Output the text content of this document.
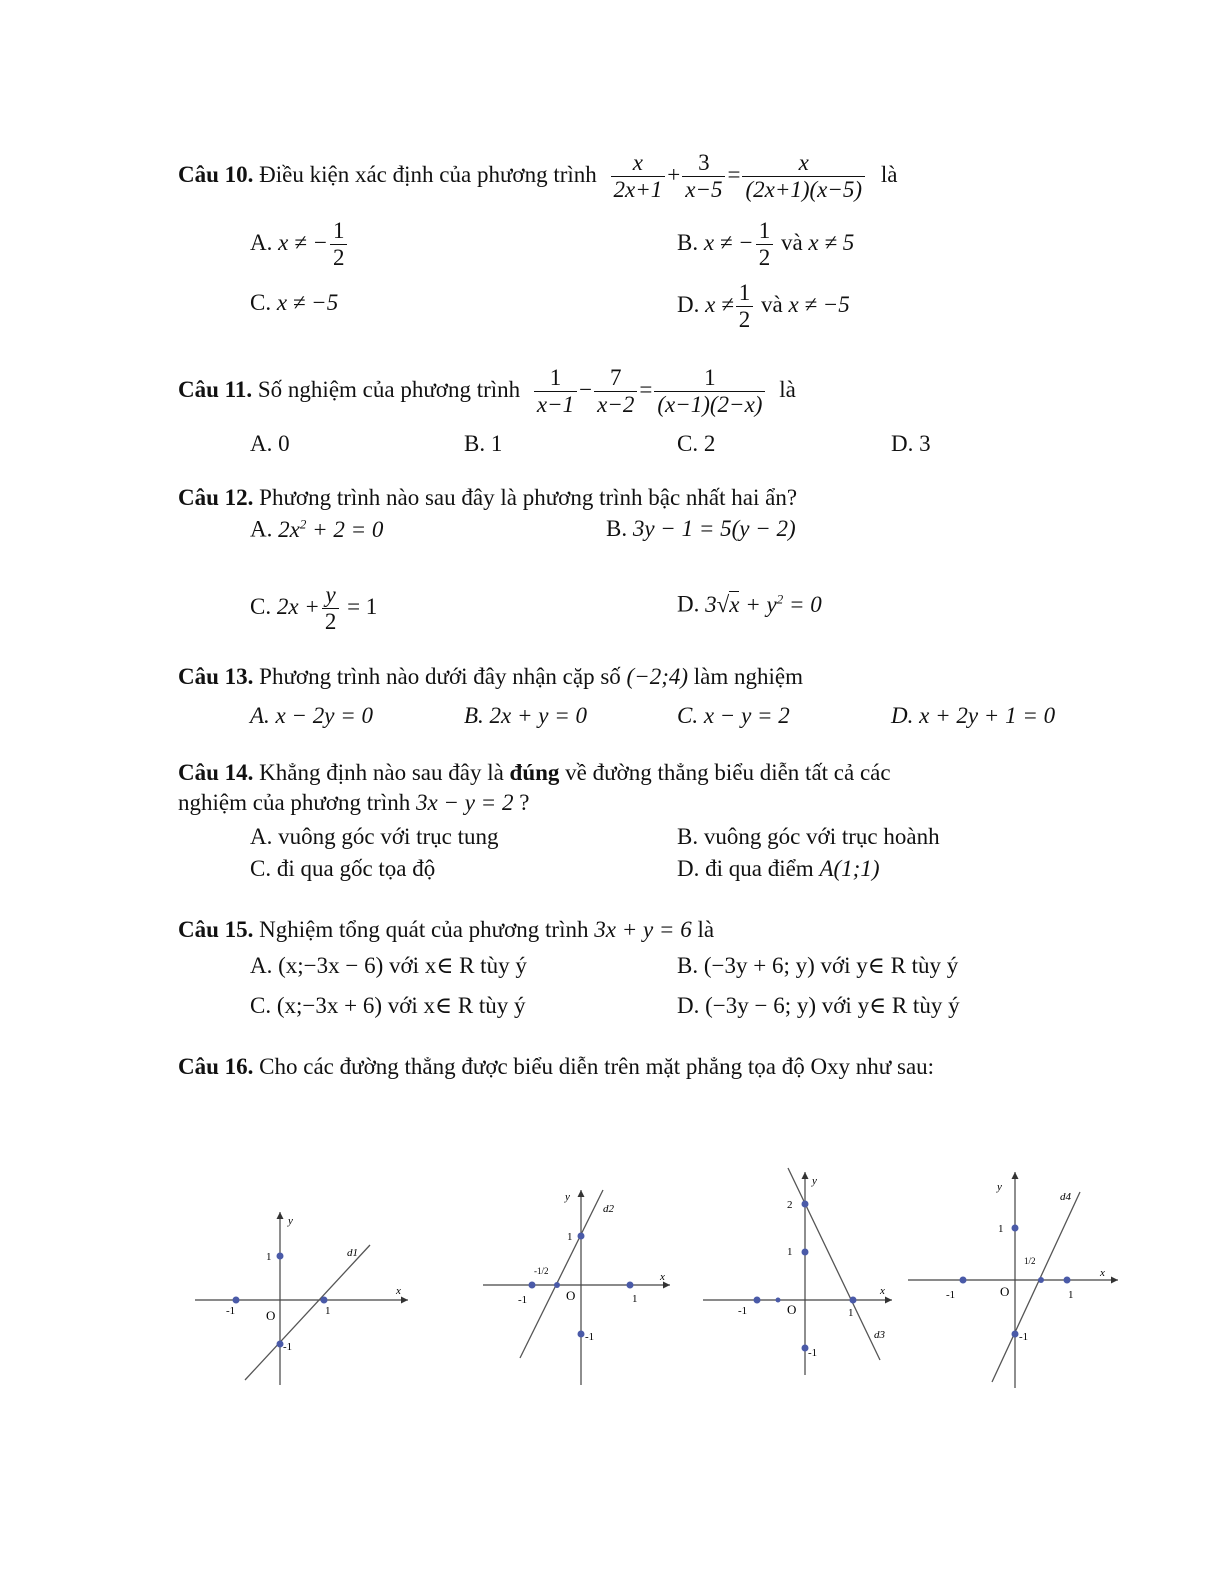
Câu 10. Điều kiện xác định của phương trình $\frac{x}{2x+1} + \frac{3}{x-5} = \frac{x}{(2x+1)(x-5)}$ là
A. x ≠ − $\frac{1}{2}$	B. x ≠ − $\frac{1}{2}$ và x ≠ 5
C. x ≠ −5	D. $x \ne \frac{1}{2}$ và x ≠ −5
Câu 11. Số nghiệm của phương trình $\frac{1}{x-1} - \frac{7}{x-2} = \frac{1}{(x-1)(2-x)}$ là
A. 0	B. 1	C. 2	D. 3
Câu 12. Phương trình nào sau đây là phương trình bậc nhất hai ẩn?
A. $2x^2 + 2 = 0$	B. 3y − 1 = 5(y − 2)
C. $2x + \frac{y}{2} = 1$	D. $3√x + y^2 = 0$
Câu 13. Phương trình nào dưới đây nhận cặp số (−2;4) làm nghiệm
A. x − 2y = 0	B. 2x + y = 0	C. x − y = 2	D. x + 2y + 1 = 0
Câu 14. Khẳng định nào sau đây là đúng về đường thẳng biểu diễn tất cả các
nghiệm của phương trình 3x − y = 2 ?
A. vuông góc với trục tung	B. vuông góc với trục hoành
C. đi qua gốc tọa độ	D. đi qua điểm A(1;1)
Câu 15. Nghiệm tổng quát của phương trình 3x + y = 6 là
A. (x;−3x − 6) với x∈ R tùy ý	B. (−3y + 6; y) với y∈ R tùy ý
C. (x;−3x + 6) với x∈ R tùy ý	D. (−3y − 6; y) với y∈ R tùy ý
Câu 16. Cho các đường thẳng được biểu diễn trên mặt phẳng tọa độ Oxy như sau:
O
x
y
-1	1
1
-1
d1
O
x
y
-1	1
1
-1
-1/2
d2
O
x
y
-1	1
1
2
-1
d3
O
x
y
-1	1
1
1/2
-1
d4
